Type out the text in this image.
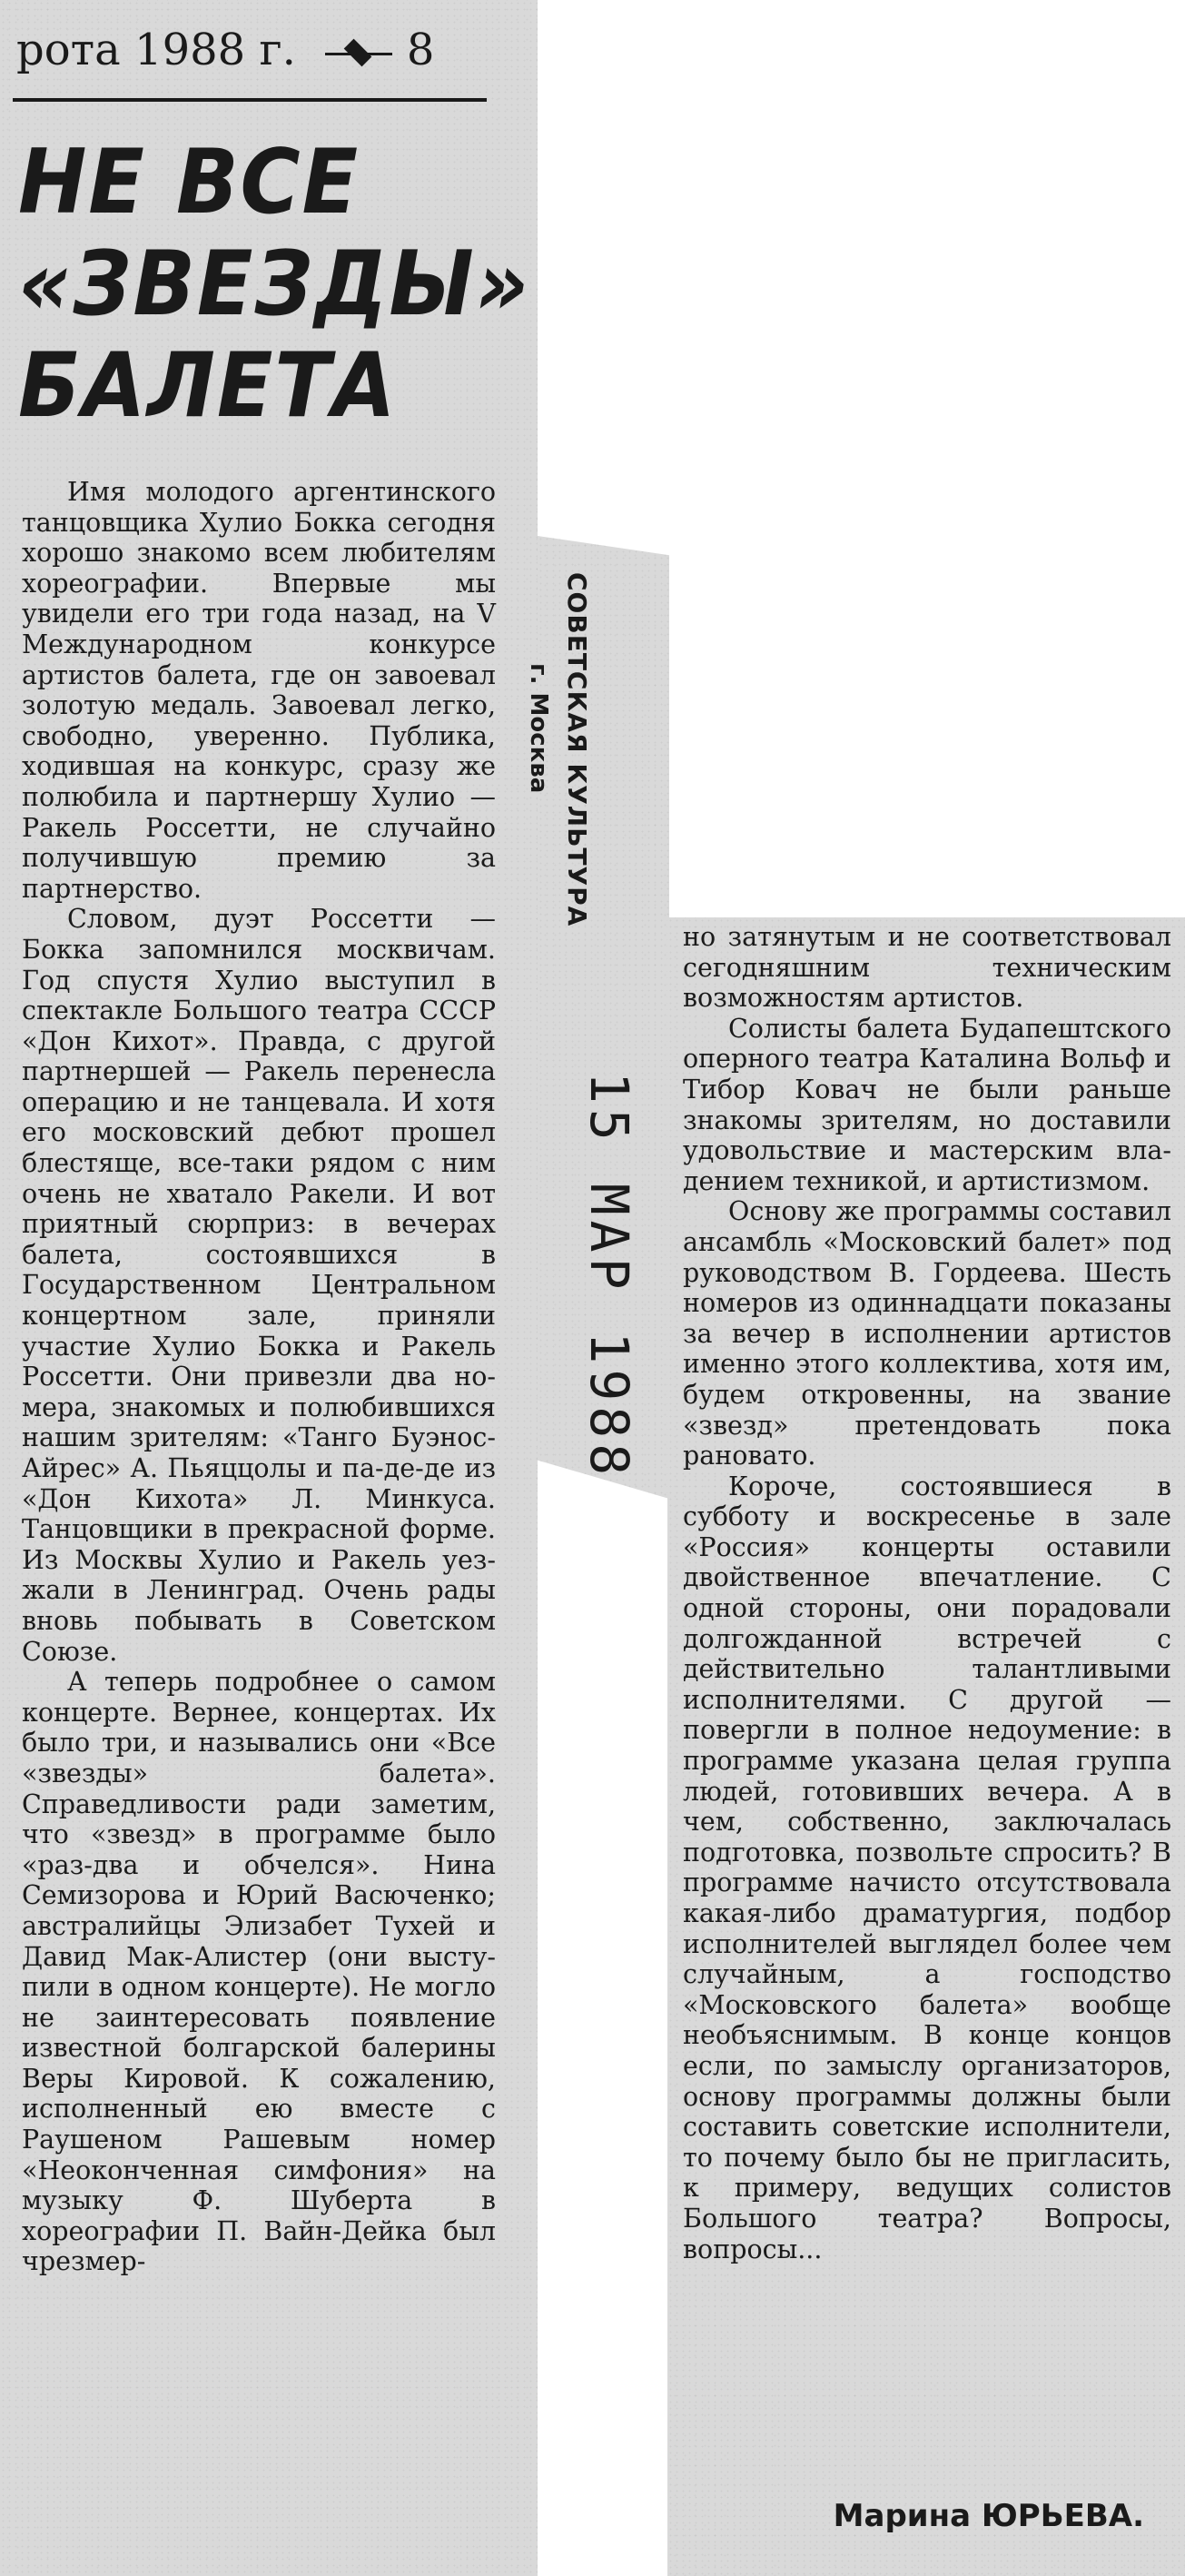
рота 1988 г.	8
НЕ ВСЕ
«ЗВЕЗДЫ»
БАЛЕТА

Имя молодого аргентинского танцовщика Хулио Бокка сегодня хорошо знакомо всем любителям хореографии. Впервые мы увидели его три года назад, на V Международном конкурсе артистов балета, где он завоевал золотую медаль. Завоевал легко, свободно, уверенно. Публика, ходившая на конкурс, сразу же полюбила и партнершу Хулио — Ракель Россетти, не случайно получившую премию за партнерство.

Словом, дуэт Россетти — Бокка запомнился москвичам. Год спустя Хулио выступил в спектакле Большого театра СССР «Дон Кихот». Правда, с другой партнершей — Ракель перенесла операцию и не танцевала. И хотя его московский дебют прошел блестяще, все-таки рядом с ним очень не хватало Ракели. И вот приятный сюрприз: в вечерах балета, состоявшихся в Государственном Центральном концертном зале, приняли участие Хулио Бокка и Ракель Россетти. Они привезли два номера, знакомых и полюбившихся нашим зрителям: «Танго Буэнос-Айрес» А. Пьяццолы и па-де-де из «Дон Кихота» Л. Минкуса. Танцовщики в прекрасной форме. Из Москвы Хулио и Ракель уезжали в Ленинград. Очень рады вновь побывать в Советском Союзе.

А теперь подробнее о самом концерте. Вернее, концертах. Их было три, и назывались они «Все «звезды» балета». Справедливости ради заметим, что «звезд» в программе было «раз-два и обчелся». Нина Семизорова и Юрий Васюченко; австралийцы Элизабет Тухей и Давид Мак-Алистер (они выступили в одном концерте). Не могло не заинтересовать появление известной болгарской балерины Веры Кировой. К сожалению, исполненный ею вместе с Раушеном Рашевым номер «Неоконченная симфония» на музыку Ф. Шуберта в хореографии П. Вайн-Дейка был чрезмер-

СОВЕТСКАЯ КУЛЬТУРА
г. Москва
15 МАР 1988

но затянутым и не соответствовал сегодняшним техническим возможностям артистов.

Солисты балета Будапештского оперного театра Каталина Вольф и Тибор Ковач не были раньше знакомы зрителям, но доставили удовольствие и мастерским владением техникой, и артистизмом.

Основу же программы составил ансамбль «Московский балет» под руководством В. Гордеева. Шесть номеров из одиннадцати показаны за вечер в исполнении артистов именно этого коллектива, хотя им, будем откровенны, на звание «звезд» претендовать пока рановато.

Короче, состоявшиеся в субботу и воскресенье в зале «Россия» концерты оставили двойственное впечатление. С одной стороны, они порадовали долгожданной встречей с действительно талантливыми исполнителями. С другой — повергли в полное недоумение: в программе указана целая группа людей, готовивших вечера. А в чем, собственно, заключалась подготовка, позвольте спросить? В программе начисто отсутствовала какая-либо драматургия, подбор исполнителей выглядел более чем случайным, а господство «Московского балета» вообще необъяснимым. В конце концов если, по замыслу организаторов, основу программы должны были составить советские исполнители, то почему было бы не пригласить, к примеру, ведущих солистов Большого театра? Вопросы, вопросы...

Марина ЮРЬЕВА.
